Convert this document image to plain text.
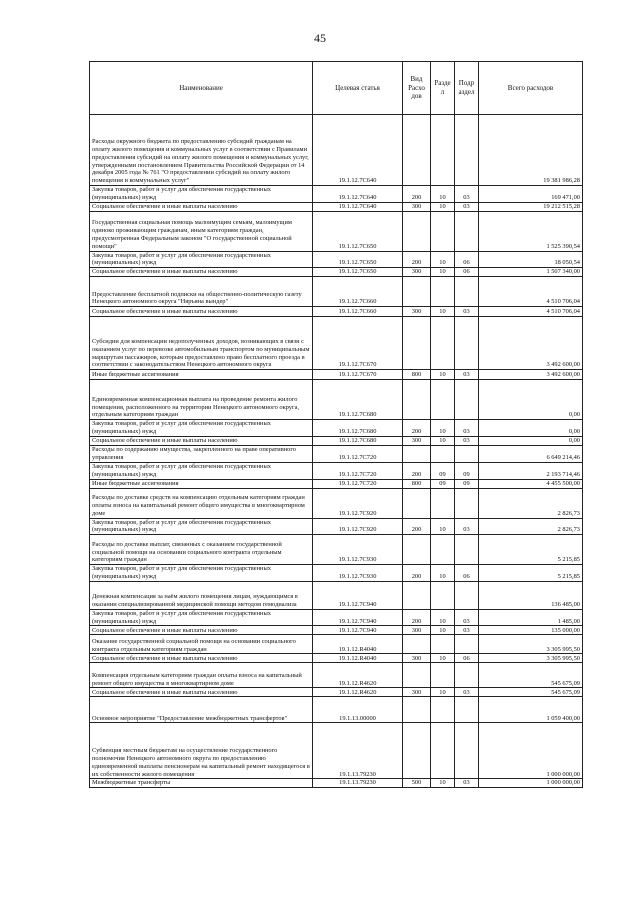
45
Наименование	Целевая статья	Вид Расхо дов	Разде л	Подр аздел	Всего расходов
Расходы окружного бюджета по предоставлению субсидий гражданам на оплату жилого помещения и коммунальных услуг в соответствии с Правилами предоставления субсидий на оплату жилого помещения и коммунальных услуг, утвержденными постановлением Правительства Российской Федерации от 14 декабря 2005 года № 761 "О предоставлении субсидий на оплату жилого помещения и коммунальных услуг"	19.1.12.7С640				19 381 986,28
Закупка товаров, работ и услуг для обеспечения государственных (муниципальных) нужд	19.1.12.7С640	200	10	03	169 471,00
Социальное обеспечение и иные выплаты населению	19.1.12.7С640	300	10	03	19 212 515,28
Государственная социальная помощь малоимущим семьям, малоимущим одиноко проживающим гражданам, иным категориям граждан, предусмотренная Федеральным законом "О государственной социальной помощи"	19.1.12.7С650				1 525 390,54
Закупка товаров, работ и услуг для обеспечения государственных (муниципальных) нужд	19.1.12.7С650	200	10	06	18 050,54
Социальное обеспечение и иные выплаты населению	19.1.12.7С650	300	10	06	1 507 340,00
Предоставление бесплатной подписки на общественно-политическую газету Ненецкого автономного округа "Няръяна вындер"	19.1.12.7С660				4 510 706,04
Социальное обеспечение и иные выплаты населению	19.1.12.7С660	300	10	03	4 510 706,04
Субсидии для компенсации недополученных доходов, возникающих в связи с оказанием услуг по перевозке автомобильным транспортом по муниципальным маршрутам пассажиров, которым предоставлено право бесплатного проезда в соответствии с законодательством Ненецкого автономного округа	19.1.12.7С670				3 492 600,00
Иные бюджетные ассигнования	19.1.12.7С670	800	10	03	3 492 600,00
Единовременная компенсационная выплата на проведение ремонта жилого помещения, расположенного на территории Ненецкого автономного округа, отдельным категориям граждан	19.1.12.7С680				0,00
Закупка товаров, работ и услуг для обеспечения государственных (муниципальных) нужд	19.1.12.7С680	200	10	03	0,00
Социальное обеспечение и иные выплаты населению	19.1.12.7С680	300	10	03	0,00
Расходы по содержанию имущества, закрепленного на праве оперативного управления	19.1.12.7С720				6 649 214,46
Закупка товаров, работ и услуг для обеспечения государственных (муниципальных) нужд	19.1.12.7С720	200	09	09	2 193 714,46
Иные бюджетные ассигнования	19.1.12.7С720	800	09	09	4 455 500,00
Расходы по доставке средств на компенсацию отдельным категориям граждан оплаты взноса на капитальный ремонт общего имущества в многоквартирном доме	19.1.12.7С920				2 826,73
Закупка товаров, работ и услуг для обеспечения государственных (муниципальных) нужд	19.1.12.7С920	200	10	03	2 826,73
Расходы по доставке выплат, связанных с оказанием государственной социальной помощи на основании социального контракта отдельным категориям граждан	19.1.12.7С930				5 215,85
Закупка товаров, работ и услуг для обеспечения государственных (муниципальных) нужд	19.1.12.7С930	200	10	06	5 215,85
Денежная компенсация за наём жилого помещения лицам, нуждающимся в оказании специализированной медицинской помощи методом гемодиализа	19.1.12.7С940				136 485,00
Закупка товаров, работ и услуг для обеспечения государственных (муниципальных) нужд	19.1.12.7С940	200	10	03	1 485,00
Социальное обеспечение и иные выплаты населению	19.1.12.7С940	300	10	03	135 000,00
Оказание государственной социальной помощи на основании социального контракта отдельным категориям граждан	19.1.12.R4040				3 305 995,50
Социальное обеспечение и иные выплаты населению	19.1.12.R4040	300	10	06	3 305 995,50
Компенсация отдельным категориям граждан оплаты взноса на капитальный ремонт общего имущества в многоквартирном доме	19.1.12.R4620				545 675,09
Социальное обеспечение и иные выплаты населению	19.1.12.R4620	300	10	03	545 675,09
Основное мероприятие "Предоставление межбюджетных трансфертов"	19.1.13.00000				1 059 400,00
Субвенция местным бюджетам на осуществление государственного полномочия Ненецкого автономного округа по предоставлению единовременной выплаты пенсионерам на капитальный ремонт находящегося в их собственности жилого помещения	19.1.13.79230				1 000 000,00
Межбюджетные трансферты	19.1.13.79230	500	10	03	1 000 000,00
